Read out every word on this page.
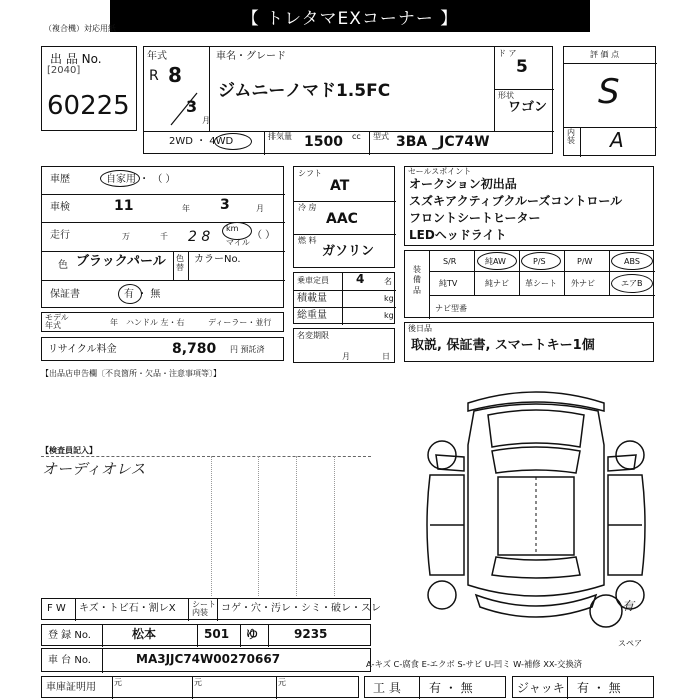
【 トレタマEXコーナー 】
（複合機）対応用紙
出 品 No.
[2040]
60225
年式
R 8
3
月
車名・グレード
ジムニーノマド1.5FC
ド ア
5
形状
ワゴン
2WD ・ 4WD	排気量 1500 cc 型式 3BA _JC74W
評 価 点
S
内装 A
車歴	自家用 ・ （ ）
車検	11	年 3	月
走行	万	千 2 8
km
マイル
（ ）
色 ブラックパール 色替
カラーNo.
保証書	有 ・ 無
モデル年式	年 ハンドル 左・右	ディーラー・並行
リサイクル料金	8,780 円 預託済
シフト
AT
冷 房
AAC
燃 料
ガソリン
乗車定員 4 名
積載量	kg
総重量	kg
名変期限
月	日
セールスポイント
オークション初出品
スズキアクティブクルーズコントロール
フロントシートヒーター
LEDヘッドライト
装備品
S/R	純AW	P/S	P/W	ABS
純TV	純ナビ 革シート 外ナビ	エアB
ナビ型番
後日品
取説, 保証書, スマートキー1個
【出品店申告欄〔不良箇所・欠品・注意事項等〕】
【検査員記入】
オーディオレス
有
スペア
F W キズ・トビ石・割レX シート内装	コゲ・穴・汚レ・シミ・破レ・スレ
登 録 No.	松本	501 ゆ	9235
車 台 No.	MA3JJC74W00270667	A-キズ C-腐食 E-エクボ S-サビ U-凹ミ W-補修 XX-交換済
車庫証明用 元	元	元	工 具 有 ・ 無	ジャッキ 有 ・ 無
